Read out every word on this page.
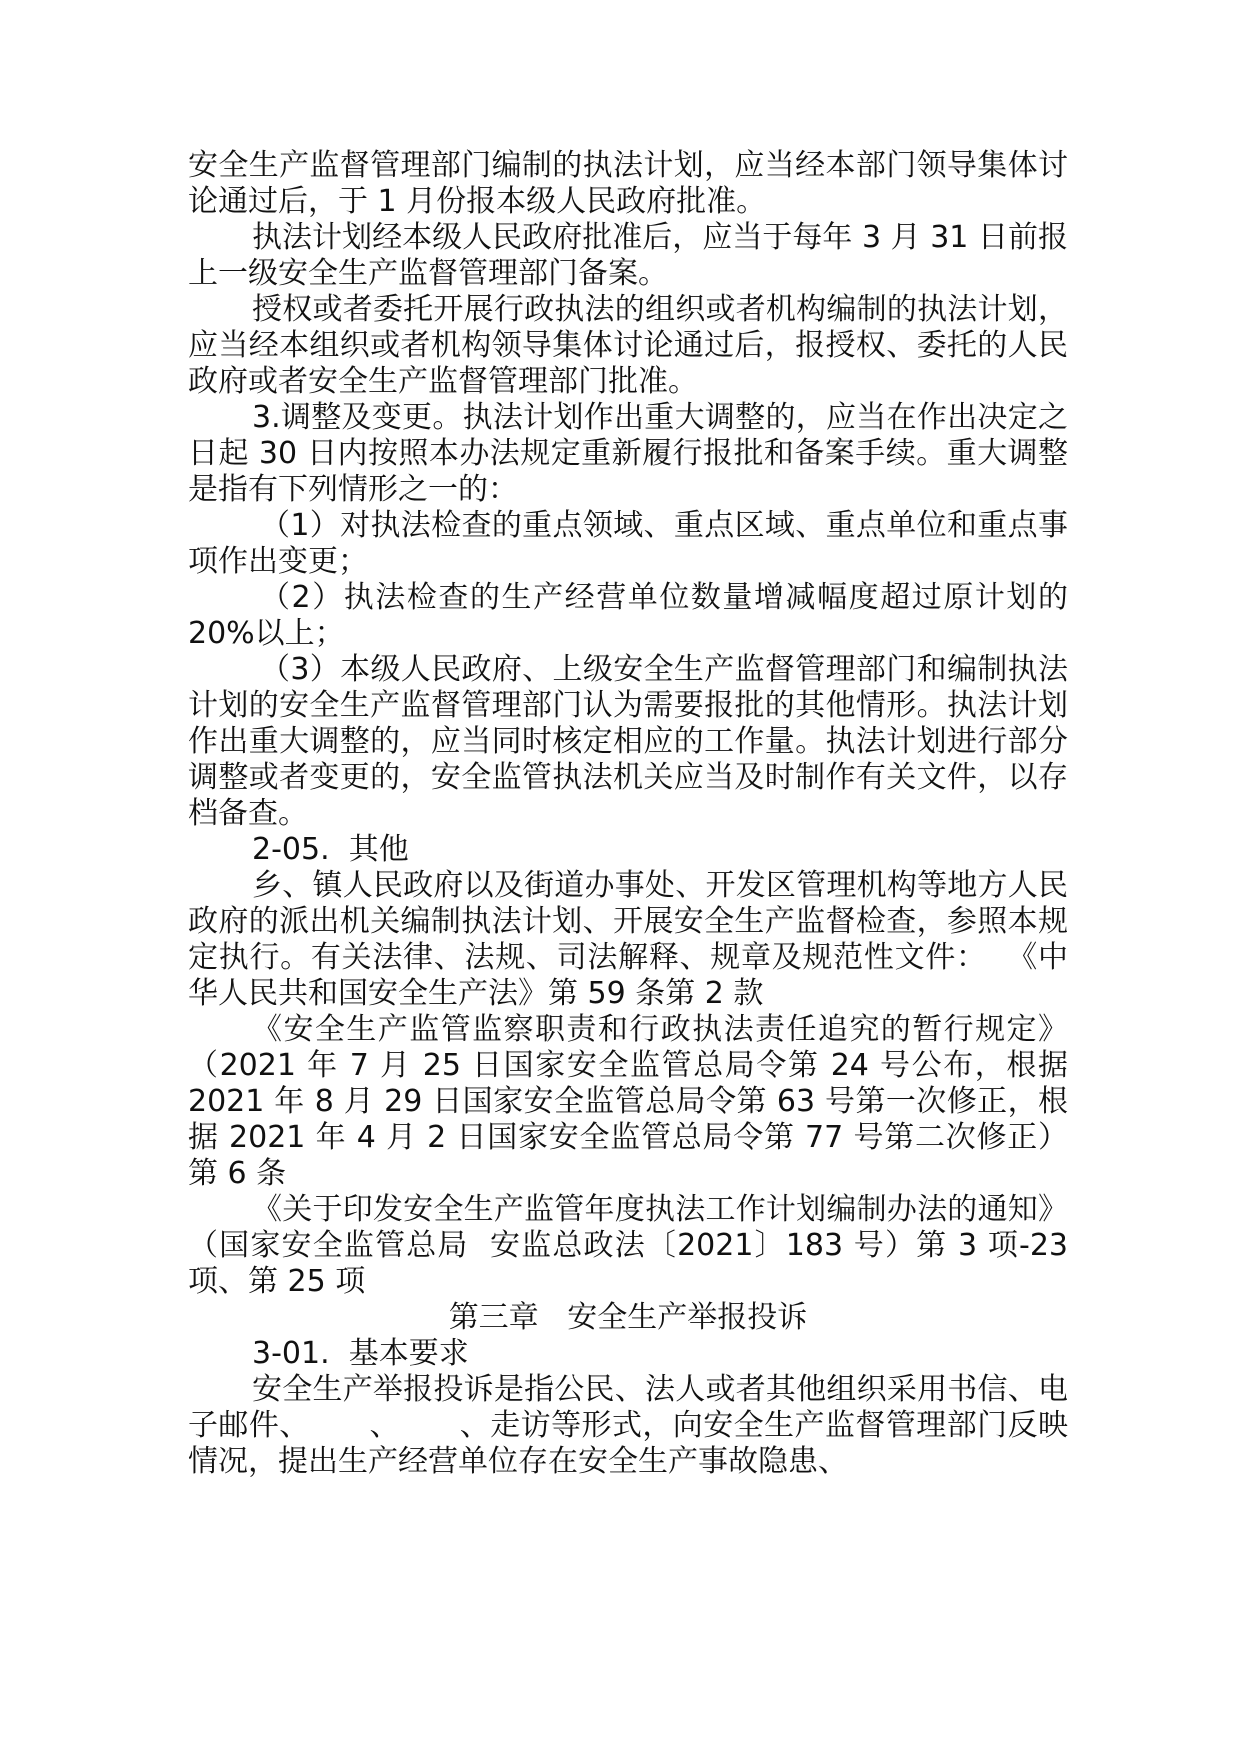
安全生产监督管理部门编制的执法计划，应当经本部门领导集体讨论通过后，于 1 月份报本级人民政府批准。

执法计划经本级人民政府批准后，应当于每年 3 月 31 日前报上一级安全生产监督管理部门备案。

授权或者委托开展行政执法的组织或者机构编制的执法计划，应当经本组织或者机构领导集体讨论通过后，报授权、委托的人民政府或者安全生产监督管理部门批准。

3.调整及变更。执法计划作出重大调整的，应当在作出决定之日起 30 日内按照本办法规定重新履行报批和备案手续。重大调整是指有下列情形之一的：

（1）对执法检查的重点领域、重点区域、重点单位和重点事项作出变更；

（2）执法检查的生产经营单位数量增减幅度超过原计划的 20%以上；

（3）本级人民政府、上级安全生产监督管理部门和编制执法计划的安全生产监督管理部门认为需要报批的其他情形。执法计划作出重大调整的，应当同时核定相应的工作量。执法计划进行部分调整或者变更的，安全监管执法机关应当及时制作有关文件，以存档备查。

2-05.  其他

乡、镇人民政府以及街道办事处、开发区管理机构等地方人民政府的派出机关编制执法计划、开展安全生产监督检查，参照本规定执行。有关法律、法规、司法解释、规章及规范性文件：  《中华人民共和国安全生产法》第 59 条第 2 款

《安全生产监管监察职责和行政执法责任追究的暂行规定》（2021 年 7 月 25 日国家安全监管总局令第 24 号公布，根据 2021 年 8 月 29 日国家安全监管总局令第 63 号第一次修正，根据 2021 年 4 月 2 日国家安全监管总局令第 77 号第二次修正）第 6 条

《关于印发安全生产监管年度执法工作计划编制办法的通知》（国家安全监管总局  安监总政法〔2021〕183 号）第 3 项-23 项、第 25 项

第三章   安全生产举报投诉

3-01.  基本要求

安全生产举报投诉是指公民、法人或者其他组织采用书信、电子邮件、      、      、走访等形式，向安全生产监督管理部门反映情况，提出生产经营单位存在安全生产事故隐患、
